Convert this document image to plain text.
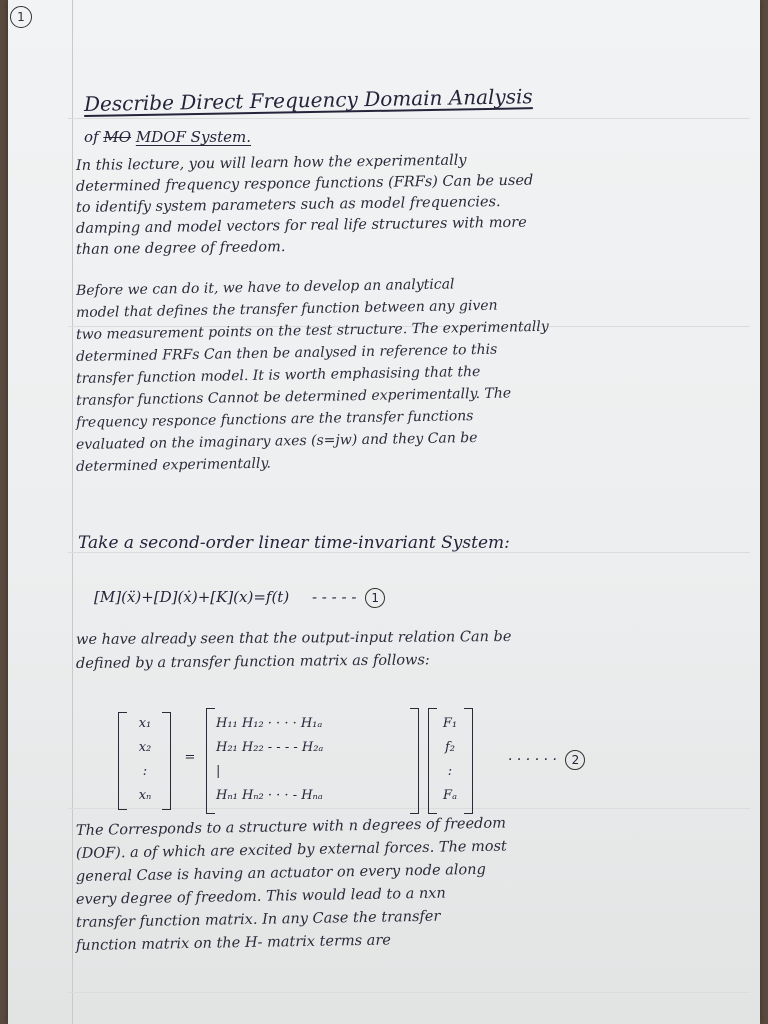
1
Describe Direct Frequency Domain Analysis
of MO MDOF System.
In this lecture, you will learn how the experimentally
determined frequency responce functions (FRFs) Can be used
to identify system parameters such as model frequencies.
damping and model vectors for real life structures with more
than one degree of freedom.
Before we can do it, we have to develop an analytical
model that defines the transfer function between any given
two measurement points on the test structure. The experimentally
determined FRFs Can then be analysed in reference to this
transfer function model. It is worth emphasising that the
transfor functions Cannot be determined experimentally. The
frequency responce functions are the transfer functions
evaluated on the imaginary axes (s=jw) and they Can be
determined experimentally.
Take a second-order linear time-invariant System:
[M](ẍ)+[D](ẋ)+[K](x)=f(t) - - - - - 1
we have already seen that the output-input relation Can be
defined by a transfer function matrix as follows:
x₁
x₂
:
xₙ
=
H₁₁ H₁₂ · · · · H₁ₐ
H₂₁ H₂₂ - - - - H₂ₐ
|
Hₙ₁ Hₙ₂ · · · - Hₙₐ
F₁
f₂
:
Fₐ
· · · · · · 2
The Corresponds to a structure with n degrees of freedom
(DOF). a of which are excited by external forces. The most
general Case is having an actuator on every node along
every degree of freedom. This would lead to a nxn
transfer function matrix. In any Case the transfer
function matrix on the H- matrix terms are
